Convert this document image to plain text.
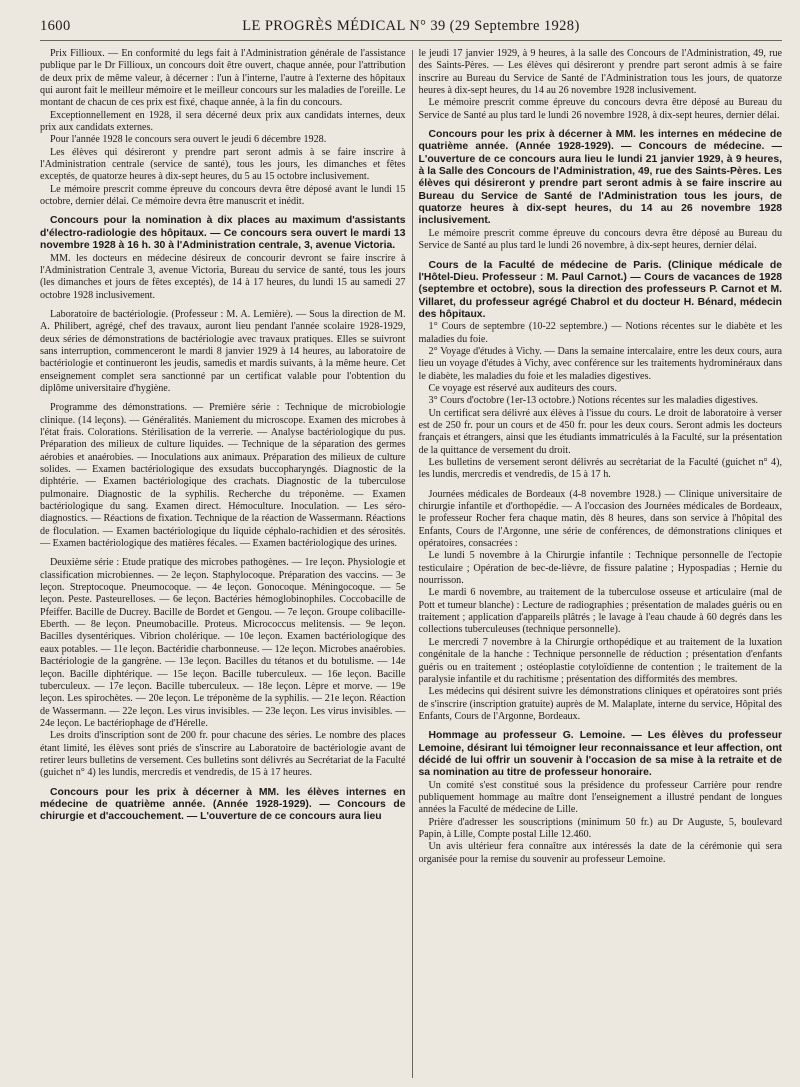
1600	LE PROGRÈS MÉDICAL N° 39 (29 Septembre 1928)

Prix Fillioux. — En conformité du legs fait à l'Administration générale de l'assistance publique par le Dr Fillioux, un concours doit être ouvert, chaque année, pour l'attribution de deux prix de même valeur, à décerner : l'un à l'interne, l'autre à l'externe des hôpitaux qui auront fait le meilleur mémoire et le meilleur concours sur les maladies de l'oreille. Le montant de chacun de ces prix est fixé, chaque année, à la fin du concours.

Exceptionnellement en 1928, il sera décerné deux prix aux candidats internes, deux prix aux candidats externes.

Pour l'année 1928 le concours sera ouvert le jeudi 6 décembre 1928.

Les élèves qui désireront y prendre part seront admis à se faire inscrire à l'Administration centrale (service de santé), tous les jours, les dimanches et fêtes exceptés, de quatorze heures à dix-sept heures, du 5 au 15 octobre inclusivement.

Le mémoire prescrit comme épreuve du concours devra être déposé avant le lundi 15 octobre, dernier délai. Ce mémoire devra être manuscrit et inédit.

Concours pour la nomination à dix places au maximum d'assistants d'électro-radiologie des hôpitaux. — Ce concours sera ouvert le mardi 13 novembre 1928 à 16 h. 30 à l'Administration centrale, 3, avenue Victoria.

MM. les docteurs en médecine désireux de concourir devront se faire inscrire à l'Administration Centrale 3, avenue Victoria, Bureau du service de santé, tous les jours (les dimanches et jours de fêtes exceptés), de 14 à 17 heures, du lundi 15 au samedi 27 octobre 1928 inclusivement.

Laboratoire de bactériologie. (Professeur : M. A. Lemière). — Sous la direction de M. A. Philibert, agrégé, chef des travaux, auront lieu pendant l'année scolaire 1928-1929, deux séries de démonstrations de bactériologie avec travaux pratiques. Elles se suivront sans interruption, commenceront le mardi 8 janvier 1929 à 14 heures, au laboratoire de bactériologie et continueront les jeudis, samedis et mardis suivants, à la même heure. Cet enseignement complet sera sanctionné par un certificat valable pour l'obtention du diplôme universitaire d'hygiène.

Programme des démonstrations. — Première série : Technique de microbiologie clinique. (14 leçons). — Généralités. Maniement du microscope. Examen des microbes à l'état frais. Colorations. Stérilisation de la verrerie. — Analyse bactériologique du pus. Préparation des milieux de culture liquides. — Technique de la séparation des germes aérobies et anaérobies. — Inoculations aux animaux. Préparation des milieux de culture solides. — Examen bactériologique des exsudats buccopharyngés. Diagnostic de la diphtérie. — Examen bactériologique des crachats. Diagnostic de la tuberculose pulmonaire. Diagnostic de la syphilis. Recherche du tréponème. — Examen bactériologique du sang. Examen direct. Hémoculture. Inoculation. — Les séro-diagnostics. — Réactions de fixation. Technique de la réaction de Wassermann. Réactions de floculation. — Examen bactériologique du liquide céphalo-rachidien et des sérosités. — Examen bactériologique des matières fécales. — Examen bactériologique des urines.

Deuxième série : Etude pratique des microbes pathogènes. — 1re leçon. Physiologie et classification microbiennes. — 2e leçon. Staphylocoque. Préparation des vaccins. — 3e leçon. Streptocoque. Pneumocoque. — 4e leçon. Gonocoque. Méningocoque. — 5e leçon. Peste. Pasteurelloses. — 6e leçon. Bactéries hémoglobinophiles. Coccobacille de Pfeiffer. Bacille de Ducrey. Bacille de Bordet et Gengou. — 7e leçon. Groupe colibacille-Eberth. — 8e leçon. Pneumobacille. Proteus. Micrococcus melitensis. — 9e leçon. Bacilles dysentériques. Vibrion cholérique. — 10e leçon. Examen bactériologique des eaux potables. — 11e leçon. Bactéridie charbonneuse. — 12e leçon. Microbes anaérobies. Bactériologie de la gangrène. — 13e leçon. Bacilles du tétanos et du botulisme. — 14e leçon. Bacille diphtérique. — 15e leçon. Bacille tuberculeux. — 16e leçon. Bacille tuberculeux. — 17e leçon. Bacille tuberculeux. — 18e leçon. Lèpre et morve. — 19e leçon. Les spirochètes. — 20e leçon. Le tréponème de la syphilis. — 21e leçon. Réaction de Wassermann. — 22e leçon. Les virus invisibles. — 23e leçon. Les virus invisibles. — 24e leçon. Le bactériophage de d'Hérelle.

Les droits d'inscription sont de 200 fr. pour chacune des séries. Le nombre des places étant limité, les élèves sont priés de s'inscrire au Laboratoire de bactériologie avant de retirer leurs bulletins de versement. Ces bulletins sont délivrés au Secrétariat de la Faculté (guichet n° 4) les lundis, mercredis et vendredis, de 15 à 17 heures.

Concours pour les prix à décerner à MM. les élèves internes en médecine de quatrième année. (Année 1928-1929). — Concours de chirurgie et d'accouchement. — L'ouverture de ce concours aura lieu

le jeudi 17 janvier 1929, à 9 heures, à la salle des Concours de l'Administration, 49, rue des Saints-Pères. — Les élèves qui désireront y prendre part seront admis à se faire inscrire au Bureau du Service de Santé de l'Administration tous les jours, de quatorze heures à dix-sept heures, du 14 au 26 novembre 1928 inclusivement.

Le mémoire prescrit comme épreuve du concours devra être déposé au Bureau du Service de Santé au plus tard le lundi 26 novembre 1928, à dix-sept heures, dernier délai.

Concours pour les prix à décerner à MM. les internes en médecine de quatrième année. (Année 1928-1929). — Concours de médecine. — L'ouverture de ce concours aura lieu le lundi 21 janvier 1929, à 9 heures, à la Salle des Concours de l'Administration, 49, rue des Saints-Pères. Les élèves qui désireront y prendre part seront admis à se faire inscrire au Bureau du Service de Santé de l'Administration tous les jours, de quatorze heures à dix-sept heures, du 14 au 26 novembre 1928 inclusivement.

Le mémoire prescrit comme épreuve du concours devra être déposé au Bureau du Service de Santé au plus tard le lundi 26 novembre, à dix-sept heures, dernier délai.

Cours de la Faculté de médecine de Paris. (Clinique médicale de l'Hôtel-Dieu. Professeur : M. Paul Carnot.) — Cours de vacances de 1928 (septembre et octobre), sous la direction des professeurs P. Carnot et M. Villaret, du professeur agrégé Chabrol et du docteur H. Bénard, médecin des hôpitaux.

1° Cours de septembre (10-22 septembre.) — Notions récentes sur le diabète et les maladies du foie.

2° Voyage d'études à Vichy. — Dans la semaine intercalaire, entre les deux cours, aura lieu un voyage d'études à Vichy, avec conférence sur les traitements hydrominéraux dans le diabète, les maladies du foie et les maladies digestives.

Ce voyage est réservé aux auditeurs des cours.

3° Cours d'octobre (1er-13 octobre.) Notions récentes sur les maladies digestives.

Un certificat sera délivré aux élèves à l'issue du cours. Le droit de laboratoire à verser est de 250 fr. pour un cours et de 450 fr. pour les deux cours. Seront admis les docteurs français et étrangers, ainsi que les étudiants immatriculés à la Faculté, sur la présentation de la quittance de versement du droit.

Les bulletins de versement seront délivrés au secrétariat de la Faculté (guichet n° 4), les lundis, mercredis et vendredis, de 15 à 17 h.

Journées médicales de Bordeaux (4-8 novembre 1928.) — Clinique universitaire de chirurgie infantile et d'orthopédie. — A l'occasion des Journées médicales de Bordeaux, le professeur Rocher fera chaque matin, dès 8 heures, dans son service à l'hôpital des Enfants, Cours de l'Argonne, une série de conférences, de démonstrations cliniques et opératoires, consacrées :

Le lundi 5 novembre à la Chirurgie infantile : Technique personnelle de l'ectopie testiculaire ; Opération de bec-de-lièvre, de fissure palatine ; Hypospadias ; Hernie du nourrisson.

Le mardi 6 novembre, au traitement de la tuberculose osseuse et articulaire (mal de Pott et tumeur blanche) : Lecture de radiographies ; présentation de malades guéris ou en traitement ; application d'appareils plâtrés ; le lavage à l'eau chaude à 60 degrés dans les collections tuberculeuses (technique personnelle).

Le mercredi 7 novembre à la Chirurgie orthopédique et au traitement de la luxation congénitale de la hanche : Technique personnelle de réduction ; présentation d'enfants guéris ou en traitement ; ostéoplastie cotyloïdienne de contention ; le traitement de la paralysie infantile et du rachitisme ; présentation des difformités des membres.

Les médecins qui désirent suivre les démonstrations cliniques et opératoires sont priés de s'inscrire (inscription gratuite) auprès de M. Malaplate, interne du service, Hôpital des Enfants, Cours de l'Argonne, Bordeaux.

Hommage au professeur G. Lemoine. — Les élèves du professeur Lemoine, désirant lui témoigner leur reconnaissance et leur affection, ont décidé de lui offrir un souvenir à l'occasion de sa mise à la retraite et de sa nomination au titre de professeur honoraire.

Un comité s'est constitué sous la présidence du professeur Carrière pour rendre publiquement hommage au maître dont l'enseignement a illustré pendant de longues années la Faculté de médecine de Lille.

Prière d'adresser les souscriptions (minimum 50 fr.) au Dr Auguste, 5, boulevard Papin, à Lille, Compte postal Lille 12.460.

Un avis ultérieur fera connaître aux intéressés la date de la cérémonie qui sera organisée pour la remise du souvenir au professeur Lemoine.
